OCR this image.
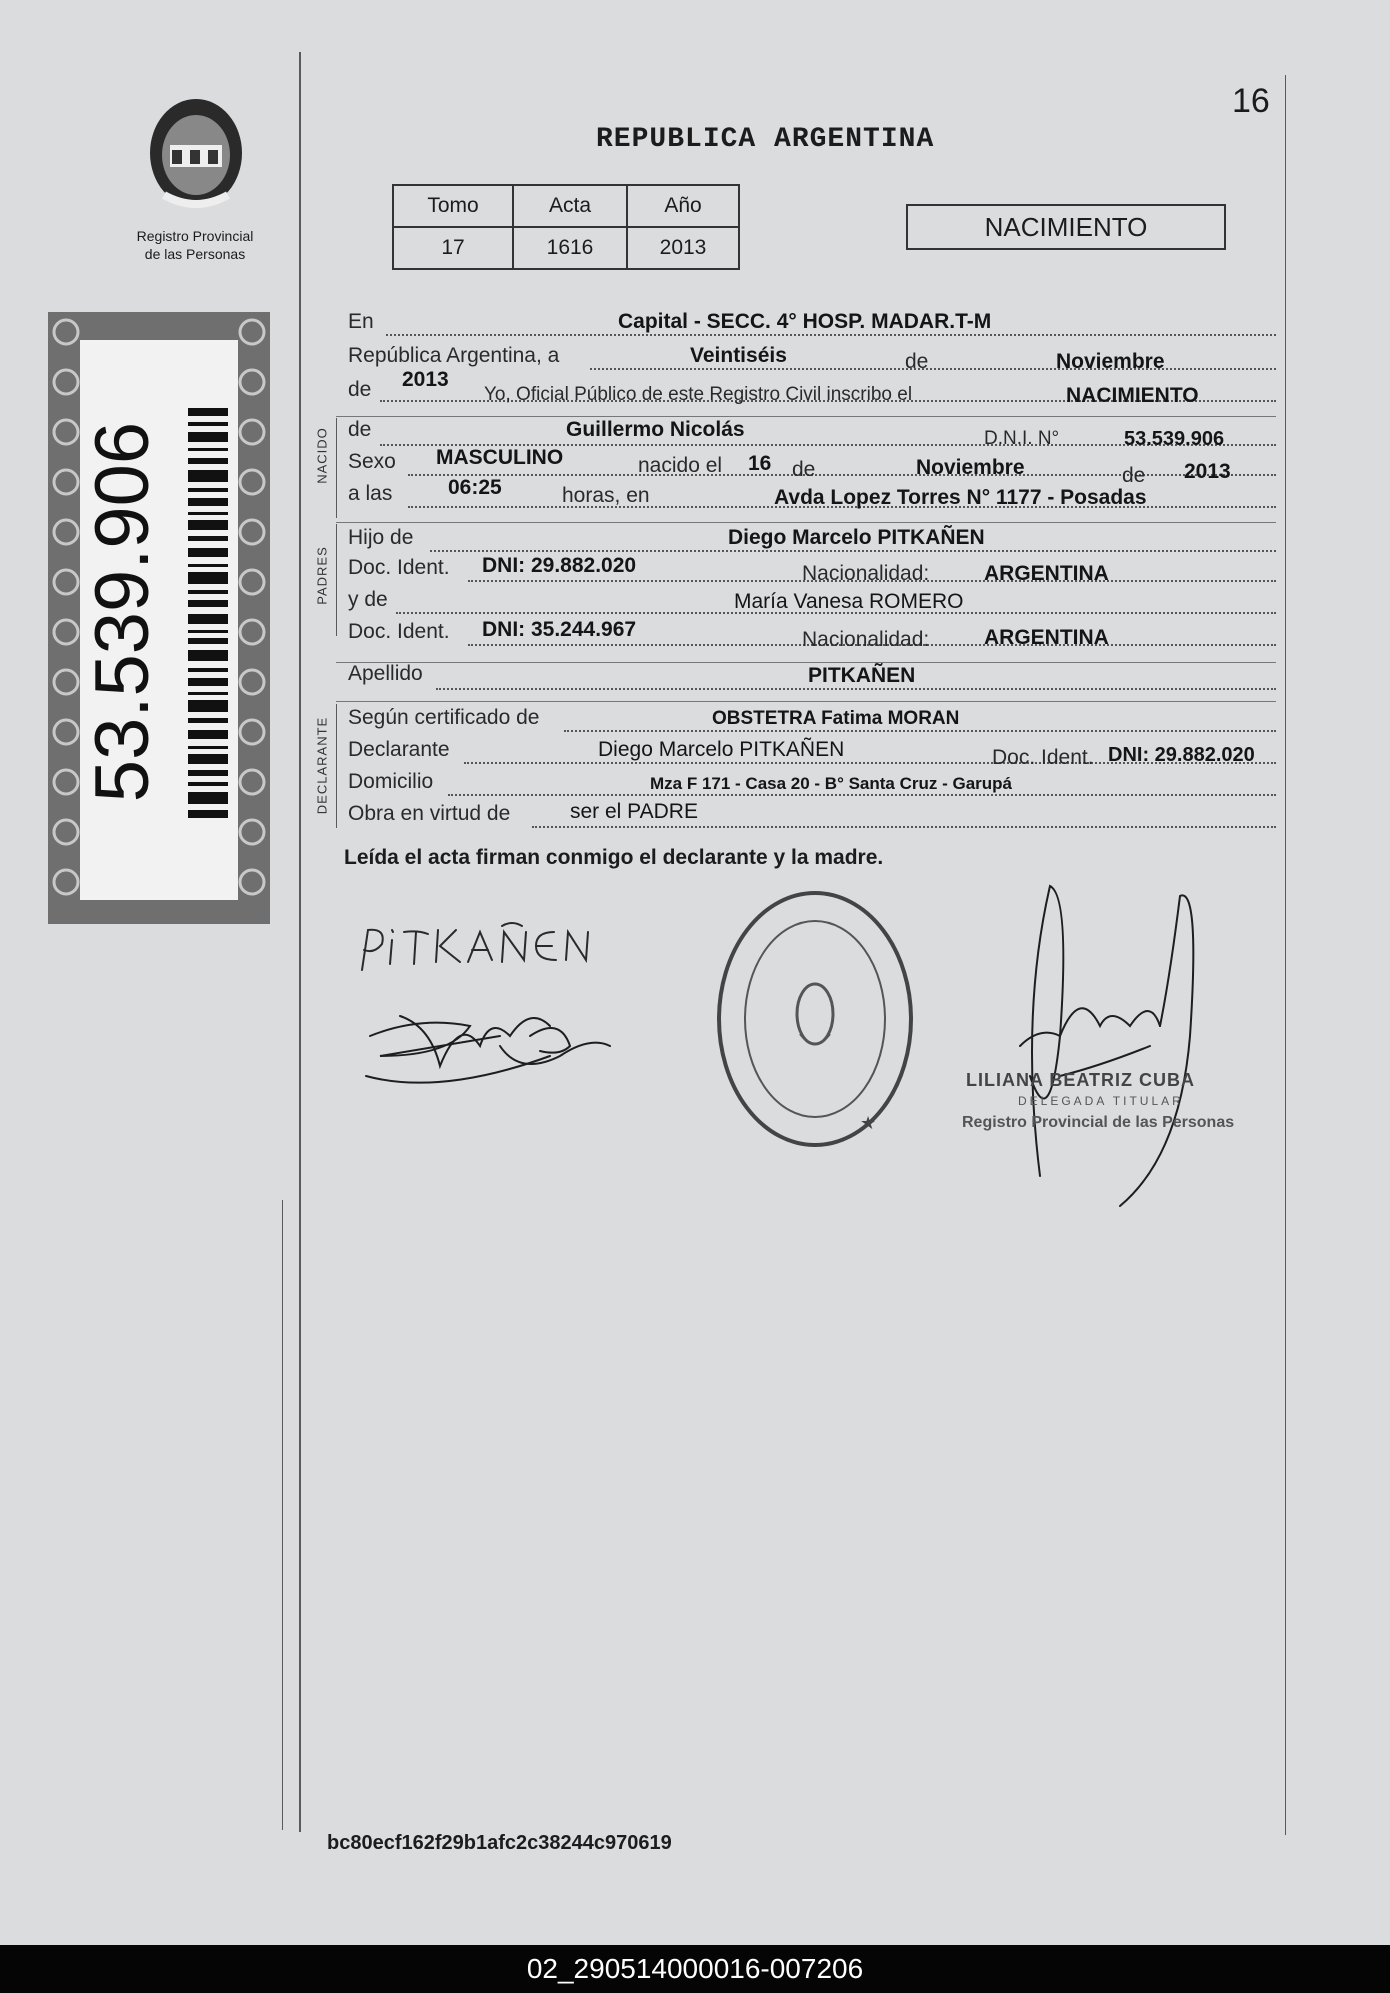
Registro Provincial
de las Personas
53.539.906
16
REPUBLICA ARGENTINA
Tomo	Acta	Año
17	1616	2013
NACIMIENTO
NACIDO
PADRES
DECLARANTE
En	Capital - SECC. 4° HOSP. MADAR.T-M
República Argentina, a	Veintiséis	de	Noviembre
de 2013
Yo, Oficial Público de este Registro Civil inscribo el	NACIMIENTO
de	Guillermo Nicolás	D.N.I. N°	53.539.906
Sexo MASCULINO	nacido el 16 de	Noviembre	de 2013
a las	06:25	horas, en	Avda Lopez Torres N° 1177 - Posadas
Hijo de	Diego Marcelo PITKAÑEN
Doc. Ident. DNI: 29.882.020	Nacionalidad:	ARGENTINA
y de	María Vanesa ROMERO
Doc. Ident. DNI: 35.244.967	Nacionalidad:	ARGENTINA
Apellido	PITKAÑEN
Según certificado de	OBSTETRA Fatima MORAN
Declarante	Diego Marcelo PITKAÑEN	Doc. Ident. DNI: 29.882.020
Domicilio	Mza F 171 - Casa 20 - B° Santa Cruz - Garupá
Obra en virtud de	ser el PADRE
Leída el acta firman conmigo el declarante y la madre.
★
LILIANA BEATRIZ CUBA
DELEGADA TITULAR
Registro Provincial de las Personas
bc80ecf162f29b1afc2c38244c970619
02_290514000016-007206
